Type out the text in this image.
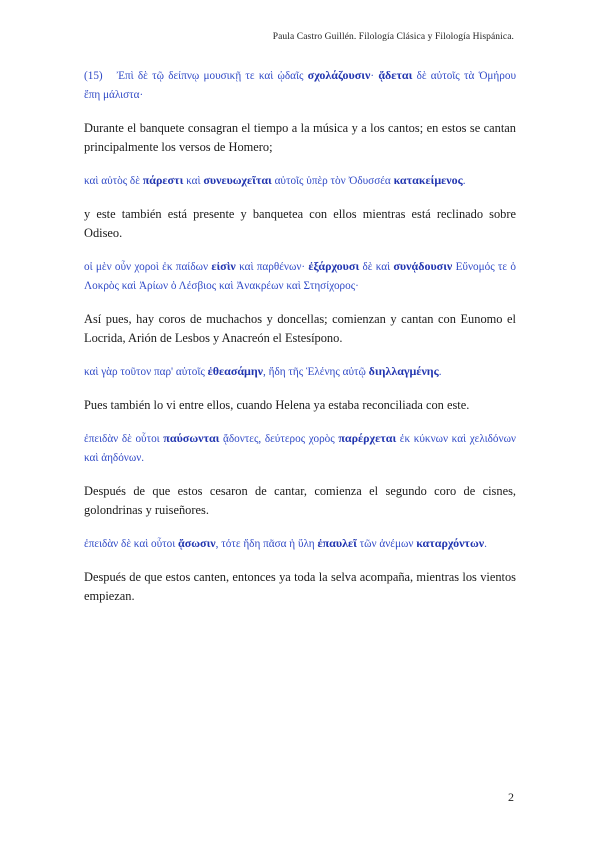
Paula Castro Guillén. Filología Clásica y Filología Hispánica.

(15) Ἐπὶ δὲ τῷ δείπνῳ μουσικῇ τε καὶ ᾠδαῖς σχολάζουσιν· ᾄδεται δὲ αὐτοῖς τὰ Ὁμήρου ἔπη μάλιστα·

Durante el banquete consagran el tiempo a la música y a los cantos; en estos se cantan principalmente los versos de Homero;

καὶ αὐτὸς δὲ πάρεστι καὶ συνευωχεῖται αὐτοῖς ὑπὲρ τὸν Ὀδυσσέα κατακείμενος.

y este también está presente y banquetea con ellos mientras está reclinado sobre Odiseo.

οἱ μὲν οὖν χοροὶ ἐκ παίδων εἰσὶν καὶ παρθένων· ἐξάρχουσι δὲ καὶ συνᾴδουσιν Εὔνομός τε ὁ Λοκρὸς καὶ Ἀρίων ὁ Λέσβιος καὶ Ἀνακρέων καὶ Στησίχορος·

Así pues, hay coros de muchachos y doncellas; comienzan y cantan con Eunomo el Locrida, Arión de Lesbos y Anacreón el Estesípono.

καὶ γὰρ τοῦτον παρ' αὐτοῖς ἐθεασάμην, ἤδη τῆς Ἑλένης αὐτῷ διηλλαγμένης.

Pues también lo vi entre ellos, cuando Helena ya estaba reconciliada con este.

ἐπειδὰν δὲ οὗτοι παύσωνται ᾄδοντες, δεύτερος χορὸς παρέρχεται ἐκ κύκνων καὶ χελιδόνων καὶ ἀηδόνων.

Después de que estos cesaron de cantar, comienza el segundo coro de cisnes, golondrinas y ruiseñores.

ἐπειδὰν δὲ καὶ οὗτοι ᾄσωσιν, τότε ἤδη πᾶσα ἡ ὕλη ἐπαυλεῖ τῶν ἀνέμων καταρχόντων.

Después de que estos canten, entonces ya toda la selva acompaña, mientras los vientos empiezan.

2
